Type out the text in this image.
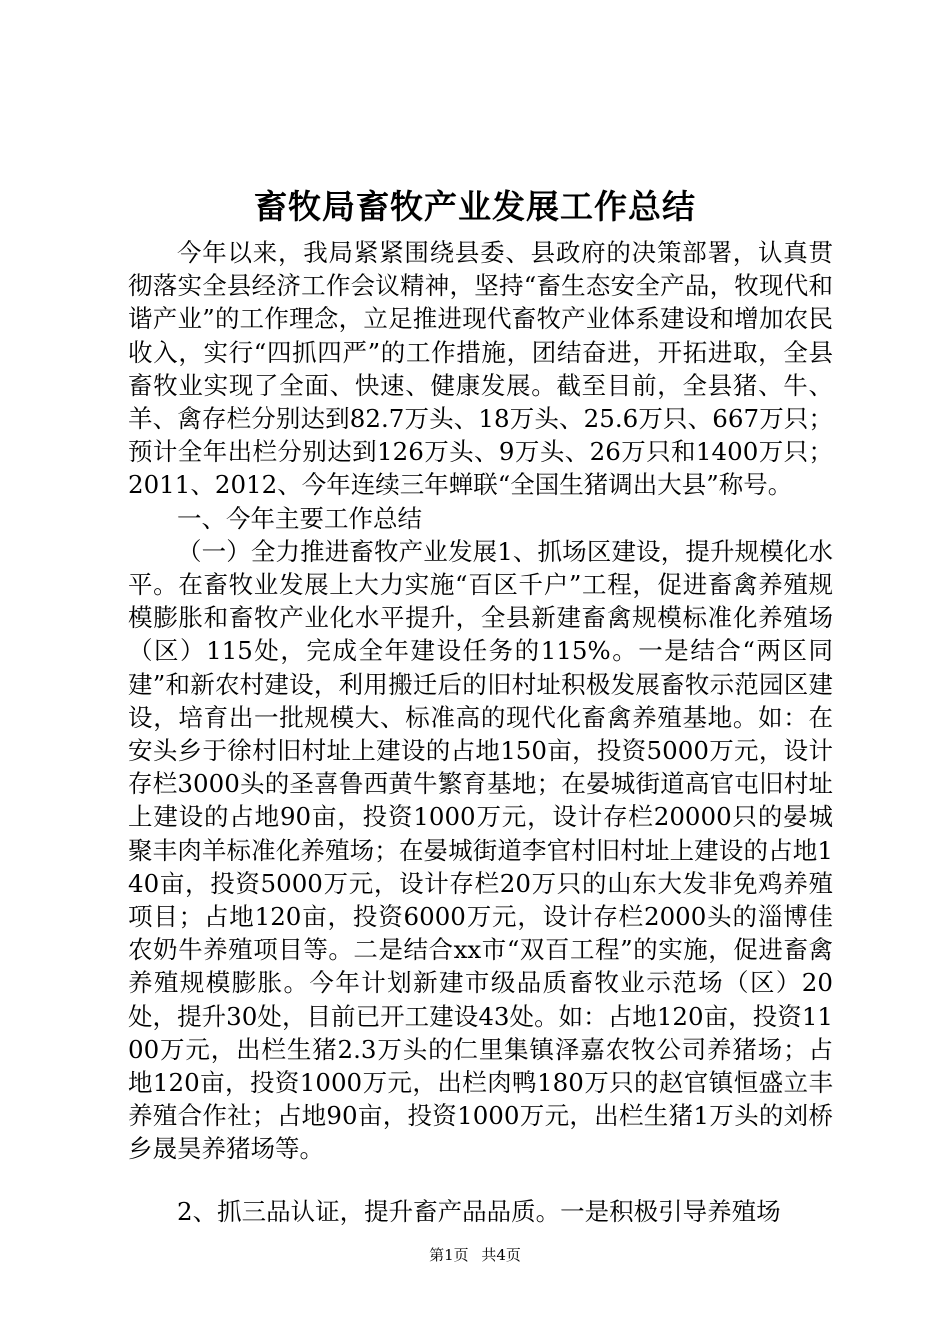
畜牧局畜牧产业发展工作总结

今年以来，我局紧紧围绕县委、县政府的决策部署，认真贯彻落实全县经济工作会议精神，坚持“畜生态安全产品，牧现代和谐产业”的工作理念，立足推进现代畜牧产业体系建设和增加农民收入，实行“四抓四严”的工作措施，团结奋进，开拓进取，全县畜牧业实现了全面、快速、健康发展。截至目前，全县猪、牛、羊、禽存栏分别达到82.7万头、18万头、25.6万只、667万只；预计全年出栏分别达到126万头、9万头、26万只和1400万只；2011、2012、今年连续三年蝉联“全国生猪调出大县”称号。

一、今年主要工作总结

（一）全力推进畜牧产业发展1、抓场区建设，提升规模化水平。在畜牧业发展上大力实施“百区千户”工程，促进畜禽养殖规模膨胀和畜牧产业化水平提升，全县新建畜禽规模标准化养殖场（区）115处，完成全年建设任务的115%。一是结合“两区同建”和新农村建设，利用搬迁后的旧村址积极发展畜牧示范园区建设，培育出一批规模大、标准高的现代化畜禽养殖基地。如：在安头乡于徐村旧村址上建设的占地150亩，投资5000万元，设计存栏3000头的圣喜鲁西黄牛繁育基地；在晏城街道高官屯旧村址上建设的占地90亩，投资1000万元，设计存栏20000只的晏城聚丰肉羊标准化养殖场；在晏城街道李官村旧村址上建设的占地140亩，投资5000万元，设计存栏20万只的山东大发非免鸡养殖项目；占地120亩，投资6000万元，设计存栏2000头的淄博佳农奶牛养殖项目等。二是结合xx市“双百工程”的实施，促进畜禽养殖规模膨胀。今年计划新建市级品质畜牧业示范场（区）20处，提升30处，目前已开工建设43处。如：占地120亩，投资1100万元，出栏生猪2.3万头的仁里集镇泽嘉农牧公司养猪场；占地120亩，投资1000万元，出栏肉鸭180万只的赵官镇恒盛立丰养殖合作社；占地90亩，投资1000万元，出栏生猪1万头的刘桥乡晟昊养猪场等。

2、抓三品认证，提升畜产品品质。一是积极引导养殖场

第1页 共4页
